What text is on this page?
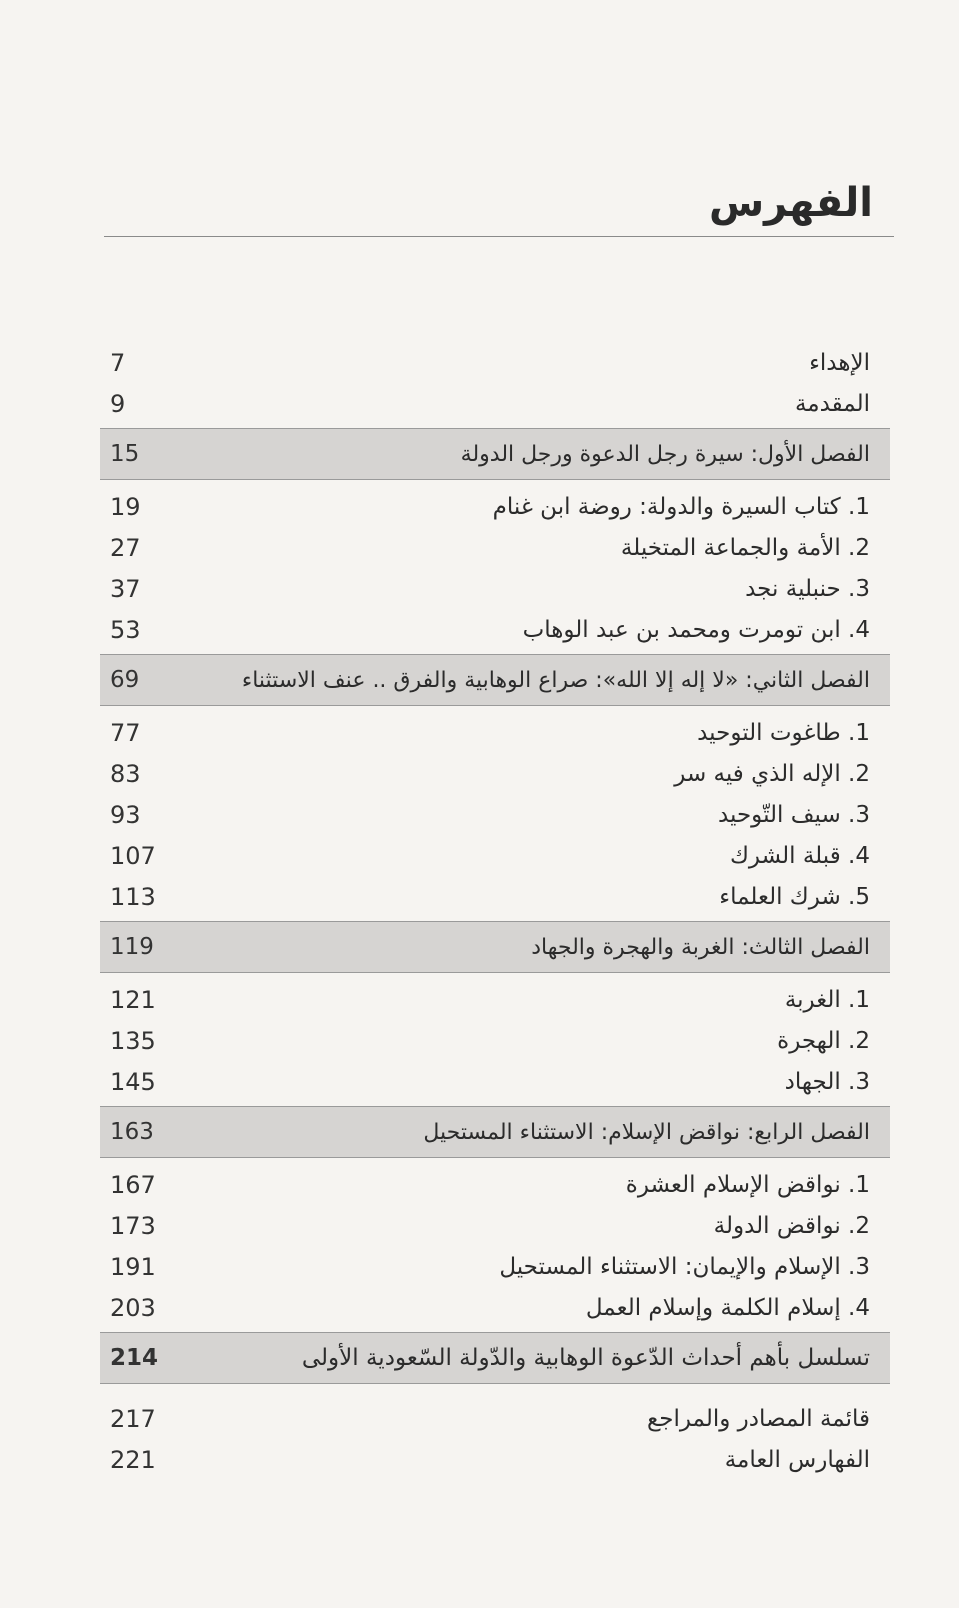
الفهرس
الإهداء
7
المقدمة
9
الفصل الأول: سيرة رجل الدعوة ورجل الدولة
15
1. كتاب السيرة والدولة: روضة ابن غنام
19
2. الأمة والجماعة المتخيلة
27
3. حنبلية نجد
37
4. ابن تومرت ومحمد بن عبد الوهاب
53
الفصل الثاني: «لا إله إلا الله»: صراع الوهابية والفرق .. عنف الاستثناء
69
1. طاغوت التوحيد
77
2. الإله الذي فيه سر
83
3. سيف التّوحيد
93
4. قبلة الشرك
107
5. شرك العلماء
113
الفصل الثالث: الغربة والهجرة والجهاد
119
1. الغربة
121
2. الهجرة
135
3. الجهاد
145
الفصل الرابع: نواقض الإسلام: الاستثناء المستحيل
163
1. نواقض الإسلام العشرة
167
2. نواقض الدولة
173
3. الإسلام والإيمان: الاستثناء المستحيل
191
4. إسلام الكلمة وإسلام العمل
203
تسلسل بأهم أحداث الدّعوة الوهابية والدّولة السّعودية الأولى
214
قائمة المصادر والمراجع
217
الفهارس العامة
221
